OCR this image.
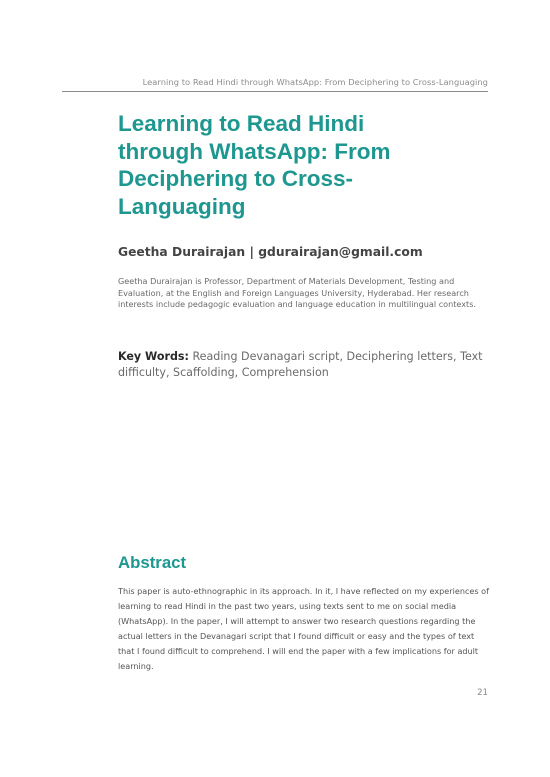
Learning to Read Hindi through WhatsApp: From Deciphering to Cross-Languaging
Learning to Read Hindi
through WhatsApp: From
Deciphering to Cross-
Languaging
Geetha Durairajan | gdurairajan@gmail.com

Geetha Durairajan is Professor, Department of Materials Development, Testing and Evaluation, at the English and Foreign Languages University, Hyderabad. Her research interests include pedagogic evaluation and language education in multilingual contexts.

Key Words: Reading Devanagari script, Deciphering letters, Text difficulty, Scaffolding, Comprehension

Abstract

This paper is auto-ethnographic in its approach. In it, I have reflected on my experiences of learning to read Hindi in the past two years, using texts sent to me on social media (WhatsApp). In the paper, I will attempt to answer two research questions regarding the actual letters in the Devanagari script that I found difficult or easy and the types of text that I found difficult to comprehend. I will end the paper with a few implications for adult learning.

21
